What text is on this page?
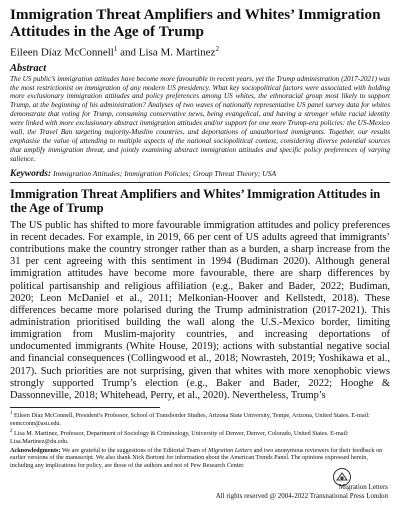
Immigration Threat Amplifiers and Whites’ Immigration Attitudes in the Age of Trump

Eileen Díaz McConnell$^1$ and Lisa M. Martinez$^2$

Abstract

The US public’s immigration attitudes have become more favourable in recent years, yet the Trump administration (2017-2021) was the most restrictionist on immigration of any modern US presidency. What key sociopolitical factors were associated with holding more exclusionary immigration attitudes and policy preferences among US whites, the ethnoracial group most likely to support Trump, at the beginning of his administration? Analyses of two waves of nationally representative US panel survey data for whites demonstrate that voting for Trump, consuming conservative news, being evangelical, and having a stronger white racial identity were linked with more exclusionary abstract immigration attitudes and/or support for one more Trump-era policies: the US-Mexico wall, the Travel Ban targeting majority-Muslim countries, and deportations of unauthorised immigrants. Together, our results emphasise the value of attending to multiple aspects of the national sociopolitical context, considering diverse potential sources that amplify immigration threat, and jointly examining abstract immigration attitudes and specific policy preferences of varying salience.

Keywords: Immigration Attitudes; Immigration Policies; Group Threat Theory; USA

Immigration Threat Amplifiers and Whites’ Immigration Attitudes in the Age of Trump

The US public has shifted to more favourable immigration attitudes and policy preferences in recent decades. For example, in 2019, 66 per cent of US adults agreed that immigrants’ contributions make the country stronger rather than as a burden, a sharp increase from the 31 per cent agreeing with this sentiment in 1994 (Budiman 2020). Although general immigration attitudes have become more favourable, there are sharp differences by political partisanship and religious affiliation (e.g., Baker and Bader, 2022; Budiman, 2020; Leon McDaniel et al., 2011; Melkonian-Hoover and Kellstedt, 2018). These differences became more polarised during the Trump administration (2017-2021). This administration prioritised building the wall along the U.S.-Mexico border, limiting immigration from Muslim-majority countries, and increasing deportations of undocumented immigrants (White House, 2019); actions with substantial negative social and financial consequences (Collingwood et al., 2018; Nowrasteh, 2019; Yoshikawa et al., 2017). Such priorities are not surprising, given that whites with more xenophobic views strongly supported Trump’s election (e.g., Baker and Bader, 2022; Hooghe & Dassonneville, 2018; Whitehead, Perry, et al., 2020). Nevertheless, Trump’s

$^1$ Eileen Díaz McConnell, President’s Professor, School of Transborder Studies, Arizona State University, Tempe, Arizona, United States. E-mail: eemcconn@asu.edu.

$^2$ Lisa M. Martinez, Professor, Department of Sociology & Criminology, University of Denver, Denver, Colorado, United States. E-mail: Lisa.Martinez@du.edu.

Acknowledgments: We are grateful to the suggestions of the Editorial Team of Migration Letters and two anonymous reviewers for their feedback on earlier versions of the manuscript. We also thank Nick Bortoni for information about the American Trends Panel. The opinions expressed herein, including any implications for policy, are those of the authors and not of Pew Research Center.

Migration Letters
All rights reserved @ 2004-2022 Transnational Press London
